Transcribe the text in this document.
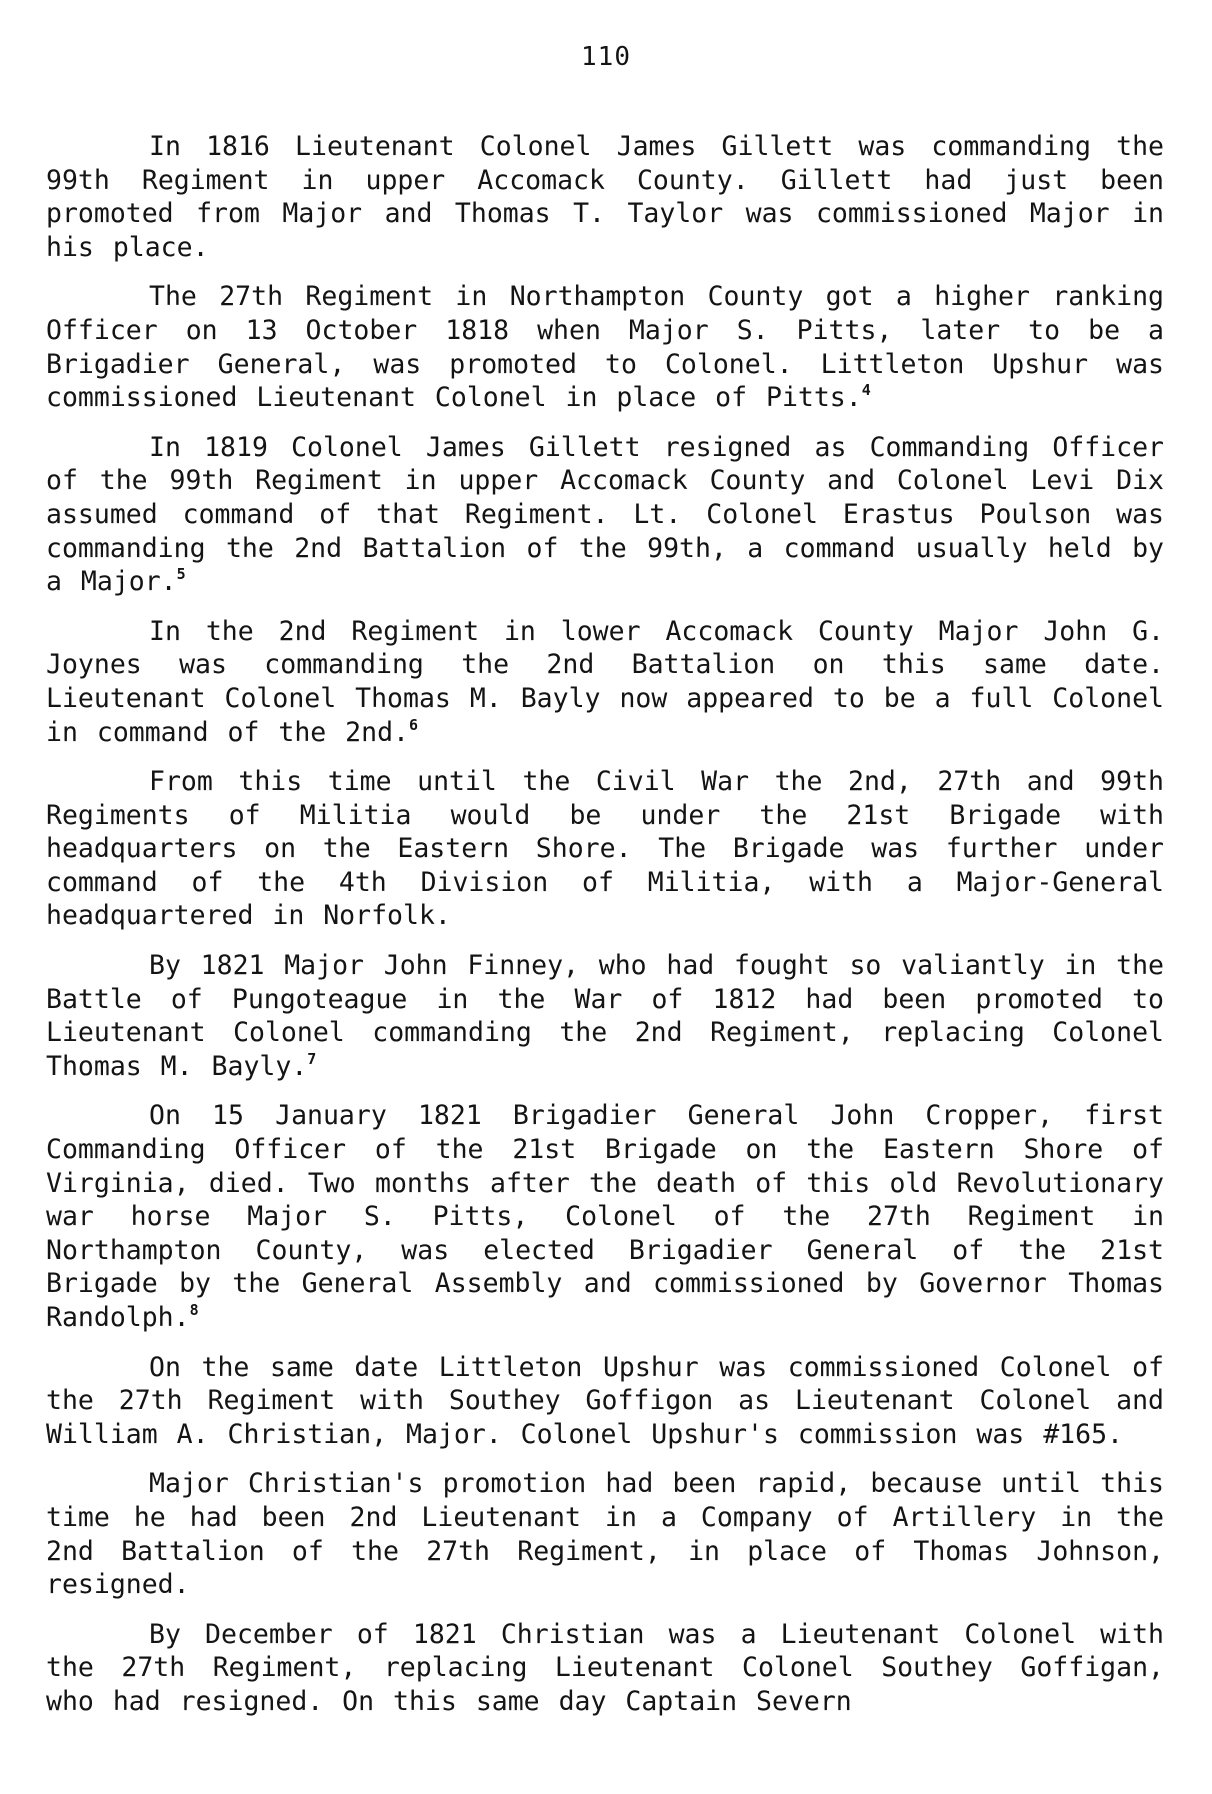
110

In 1816 Lieutenant Colonel James Gillett was commanding the 99th Regiment in upper Accomack County. Gillett had just been promoted from Major and Thomas T. Taylor was commissioned Major in his place.

The 27th Regiment in Northampton County got a higher ranking Officer on 13 October 1818 when Major S. Pitts, later to be a Brigadier General, was promoted to Colonel. Littleton Upshur was commissioned Lieutenant Colonel in place of Pitts.$^4$

In 1819 Colonel James Gillett resigned as Commanding Officer of the 99th Regiment in upper Accomack County and Colonel Levi Dix assumed command of that Regiment. Lt. Colonel Erastus Poulson was commanding the 2nd Battalion of the 99th, a command usually held by a Major.$^5$

In the 2nd Regiment in lower Accomack County Major John G. Joynes was commanding the 2nd Battalion on this same date. Lieutenant Colonel Thomas M. Bayly now appeared to be a full Colonel in command of the 2nd.$^6$

From this time until the Civil War the 2nd, 27th and 99th Regiments of Militia would be under the 21st Brigade with headquarters on the Eastern Shore. The Brigade was further under command of the 4th Division of Militia, with a Major-General headquartered in Norfolk.

By 1821 Major John Finney, who had fought so valiantly in the Battle of Pungoteague in the War of 1812 had been promoted to Lieutenant Colonel commanding the 2nd Regiment, replacing Colonel Thomas M. Bayly.$^7$

On 15 January 1821 Brigadier General John Cropper, first Commanding Officer of the 21st Brigade on the Eastern Shore of Virginia, died. Two months after the death of this old Revolutionary war horse Major S. Pitts, Colonel of the 27th Regiment in Northampton County, was elected Brigadier General of the 21st Brigade by the General Assembly and commissioned by Governor Thomas Randolph.$^8$

On the same date Littleton Upshur was commissioned Colonel of the 27th Regiment with Southey Goffigon as Lieutenant Colonel and William A. Christian, Major. Colonel Upshur's commission was #165.

Major Christian's promotion had been rapid, because until this time he had been 2nd Lieutenant in a Company of Artillery in the 2nd Battalion of the 27th Regiment, in place of Thomas Johnson, resigned.

By December of 1821 Christian was a Lieutenant Colonel with the 27th Regiment, replacing Lieutenant Colonel Southey Goffigan, who had resigned. On this same day Captain Severn
